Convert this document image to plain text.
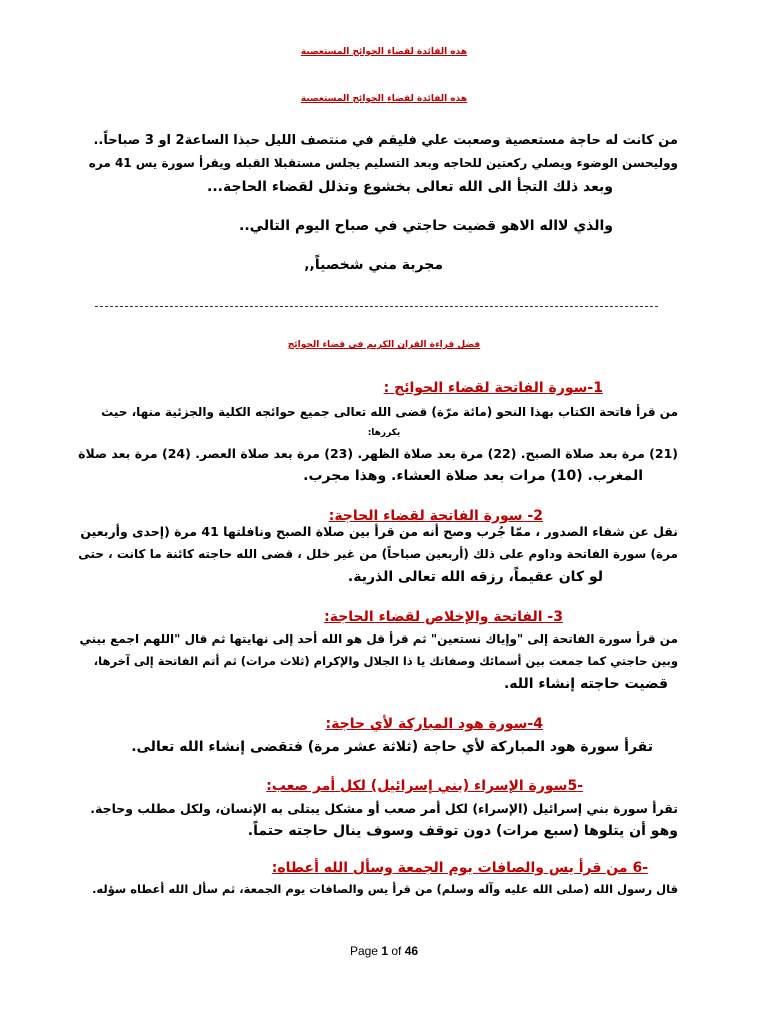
هذه الفائدة لقضاء الحوائج المستعصية
هذه الفائدة لقضاء الحوائج المستعصية
من كانت له حاجة مستعصية وصعبت علي فليقم في منتصف الليل حبذا الساعة2 او 3 صباحاً..
ووليحسن الوضوء ويصلي ركعتين للحاجه وبعد التسليم يجلس مستقبلا القبله ويقرأ سورة يس 41 مره
وبعد ذلك التجأ الى الله تعالى بخشوع وتذلل لقضاء الحاجة...
والذي لااله الاهو قضيت حاجتي في صباح اليوم التالي..
مجربة مني شخصياً,,
فضل قراءة القران الكريم في قضاء الحوائج
1-سورة الفاتحة لقضاء الحوائج :
من قرأ فاتحة الكتاب بهذا النحو (مائة مرّة) قضى الله تعالى جميع حوائجه الكلية والجزئية منها، حيث
يكررها:
(21) مرة بعد صلاة الصبح. (22) مرة بعد صلاة الظهر. (23) مرة بعد صلاة العصر. (24) مرة بعد صلاة
المغرب. (10) مرات بعد صلاة العشاء. وهذا مجرب.
2- سورة الفاتحة لقضاء الحاجة:
نقل عن شفاء الصدور ، ممّا جُرب وصح أنه من قرأ بين صلاة الصبح ونافلتها 41 مرة (إحدى وأربعين
مرة) سورة الفاتحة وداوم على ذلك (أربعين صباحاً) من غير خلل ، قضى الله حاجته كائنة ما كانت ، حتى
لو كان عقيماً، رزقه الله تعالى الذرية.
3- الفاتحة والإخلاص لقضاء الحاجة:
من قرأ سورة الفاتحة إلى "وإياك نستعين" ثم قرأ قل هو الله أحد إلى نهايتها ثم قال "اللهم اجمع بيني
وبين حاجتي كما جمعت بين أسمائك وصفاتك يا ذا الجلال والإكرام (ثلاث مرات) ثم أتم الفاتحة إلى آخرها،
قضيت حاجته إنشاء الله.
4-سورة هود المباركة لأي حاجة:
تقرأ سورة هود المباركة لأي حاجة (ثلاثة عشر مرة) فتقضى إنشاء الله تعالى.
-5سورة الإسراء (بني إسرائيل) لكل أمر صعب:
تقرأ سورة بني إسرائيل (الإسراء) لكل أمر صعب أو مشكل يبتلى به الإنسان، ولكل مطلب وحاجة.
وهو أن يتلوها (سبع مرات) دون توقف وسوف ينال حاجته حتماً.
-6 من قرأ يس والصافات يوم الجمعة وسأل الله أعطاه:
قال رسول الله (صلى الله عليه وآله وسلم) من قرأ يس والصافات يوم الجمعة، ثم سأل الله أعطاه سؤله.
Page 1 of 46
